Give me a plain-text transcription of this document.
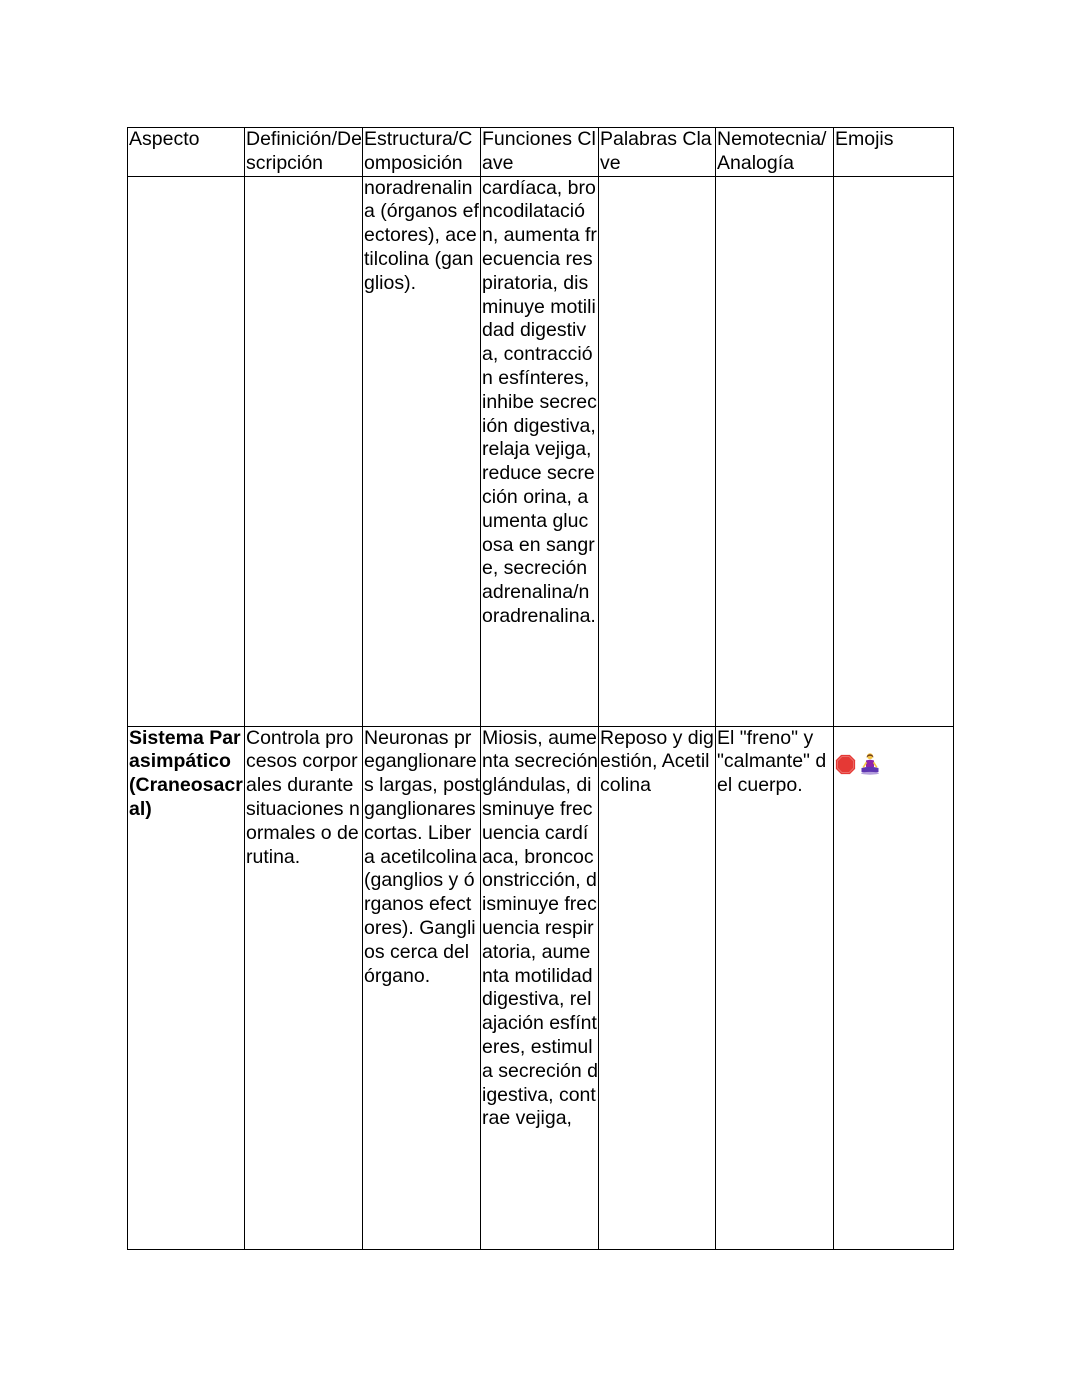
Aspecto	Definición/Descripción	Estructura/Composición	Funciones Clave	Palabras Clave	Nemotecnia/Analogía	Emojis
		noradrenalina (órganos efectores), acetilcolina (ganglios).	cardíaca, broncodilatación, aumenta frecuencia respiratoria, disminuye motilidad digestiva, contracción esfínteres, inhibe secreción digestiva, relaja vejiga, reduce secreción orina, aumenta glucosa en sangre, secreción adrenalina/noradrenalina.			
Sistema Parasimpático (Craneosacral)	Controla procesos corporales durante situaciones normales o de rutina.	Neuronas preganglionares largas, postganglionares cortas. Libera acetilcolina (ganglios y órganos efectores). Ganglios cerca del órgano.	Miosis, aumenta secreción glándulas, disminuye frecuencia cardíaca, broncoconstricción, disminuye frecuencia respiratoria, aumenta motilidad digestiva, relajación esfínteres, estimula secreción digestiva, contrae vejiga,	Reposo y digestión, Acetilcolina	El "freno" y "calmante" del cuerpo.	
